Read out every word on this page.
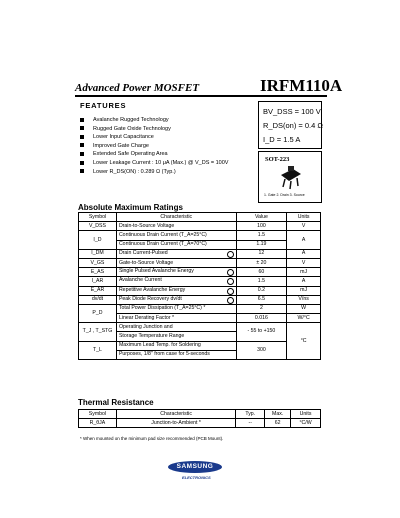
Advanced Power MOSFET	IRFM110A
FEATURES
Avalanche Rugged Technology
Rugged Gate Oxide Technology
Lower Input Capacitance
Improved Gate Charge
Extended Safe Operating Area
Lower Leakage Current : 10 μA (Max.) @ V_DS = 100V
Lower R_DS(ON) : 0.289 Ω (Typ.)
BV_DSS = 100 V
R_DS(on) = 0.4 Ω
I_D = 1.5 A
SOT-223
1. Gate 2. Drain 3. Source
Absolute Maximum Ratings
Symbol	Characteristic	Value	Units
V_DSS	Drain-to-Source Voltage	100	V
I_D	Continuous Drain Current (T_A=25°C)	1.5	A
	Continuous Drain Current (T_A=70°C)	1.19	
I_DM	Drain Current-Pulsed	12	A
V_GS	Gate-to-Source Voltage	± 20	V
E_AS	Single Pulsed Avalanche Energy	60	mJ
I_AR	Avalanche Current	1.5	A
E_AR	Repetitive Avalanche Energy	0.2	mJ
dv/dt	Peak Diode Recovery dv/dt	6.5	V/ns
P_D	Total Power Dissipation (T_A=25°C) *	2	W
	Linear Derating Factor *	0.016	W/°C
T_J , T_STG	Operating Junction and	- 55 to +150	°C
	Storage Temperature Range		
T_L	Maximum Lead Temp. for Soldering	300	
	Purposes, 1/8" from case for 5-seconds		
Thermal Resistance
Symbol	Characteristic	Typ.	Max.	Units
R_θJA	Junction-to-Ambient *	--	62	°C/W
* When mounted on the minimum pad size recommended (PCB Mount).
SAMSUNG
ELECTRONICS
